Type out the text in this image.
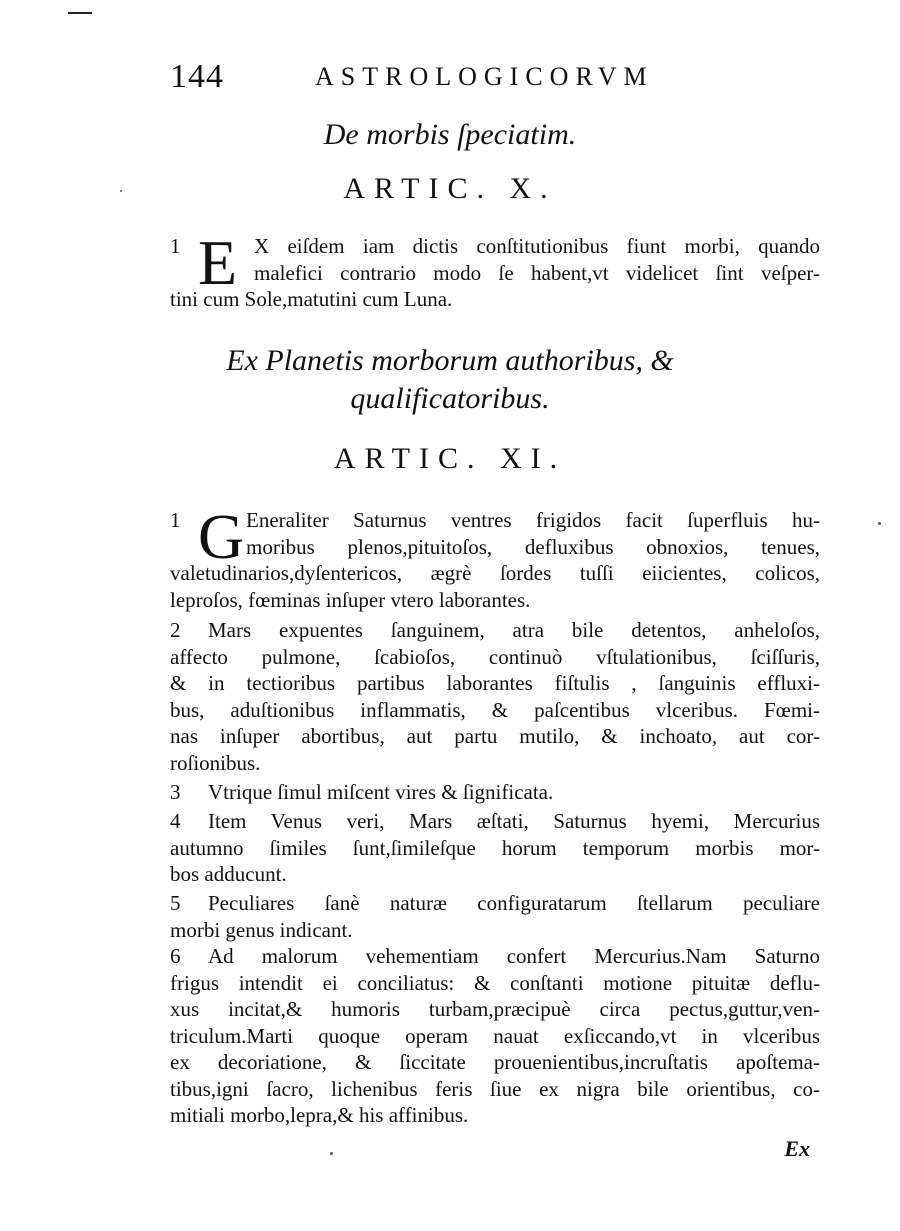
144	ASTROLOGICORVM
De morbis ſpeciatim.
ARTIC. X.
1 E X eiſdem iam dictis conſtitutionibus fiunt morbi, quando
malefici contrario modo ſe habent,vt videlicet ſint veſper-
tini cum Sole,matutini cum Luna.
Ex Planetis morborum authoribus, &
qualificatoribus.
ARTIC. XI.
1 G Eneraliter Saturnus ventres frigidos facit ſuperfluis hu-
moribus plenos,pituitoſos, defluxibus obnoxios, tenues,
valetudinarios,dyſentericos, ægrè ſordes tuſſi eiicientes, colicos,
leproſos, fœminas inſuper vtero laborantes.
2 Mars expuentes ſanguinem, atra bile detentos, anheloſos,
affecto pulmone, ſcabioſos, continuò vſtulationibus, ſciſſuris,
& in tectioribus partibus laborantes fiſtulis , ſanguinis effluxi-
bus, aduſtionibus inflammatis, & paſcentibus vlceribus. Fœmi-
nas inſuper abortibus, aut partu mutilo, & inchoato, aut cor-
roſionibus.
3 Vtrique ſimul miſcent vires & ſignificata.
4 Item Venus veri, Mars æſtati, Saturnus hyemi, Mercurius
autumno ſimiles ſunt,ſimileſque horum temporum morbis mor-
bos adducunt.
5 Peculiares ſanè naturæ configuratarum ſtellarum peculiare
morbi genus indicant.
6 Ad malorum vehementiam confert Mercurius.Nam Saturno
frigus intendit ei conciliatus: & conſtanti motione pituitæ deflu-
xus incitat,& humoris turbam,præcipuè circa pectus,guttur,ven-
triculum.Marti quoque operam nauat exſiccando,vt in vlceribus
ex decoriatione, & ſiccitate prouenientibus,incruſtatis apoſtema-
tibus,igni ſacro, lichenibus feris ſiue ex nigra bile orientibus, co-
mitiali morbo,lepra,& his affinibus.
Ex
